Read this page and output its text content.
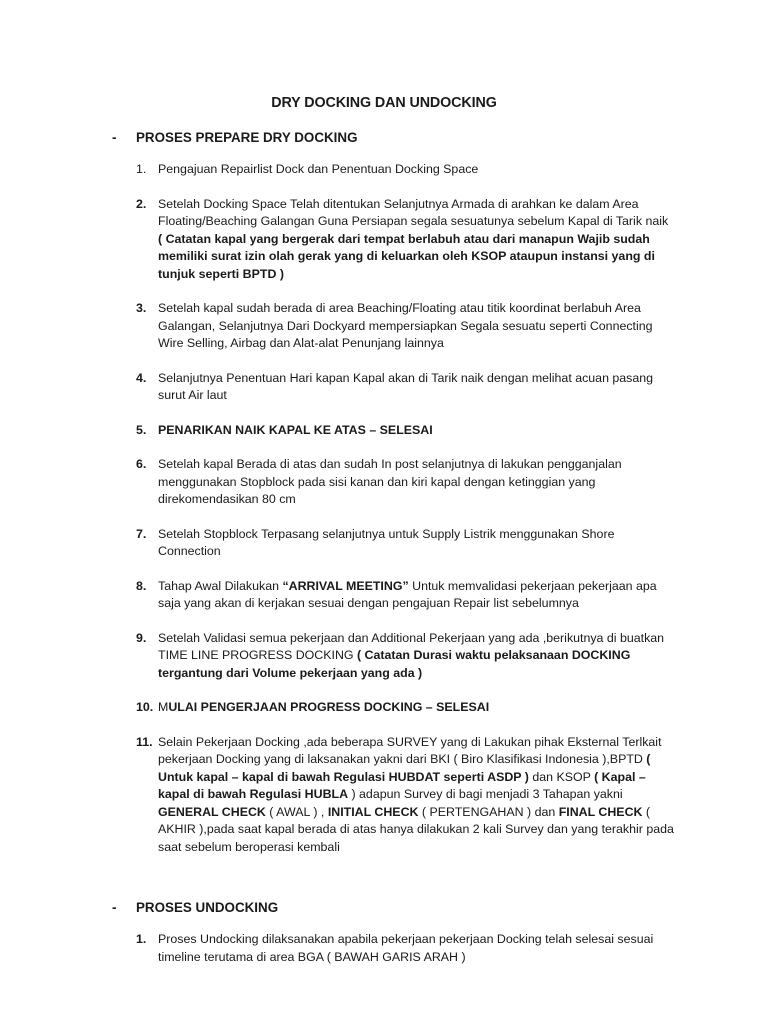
DRY DOCKING DAN UNDOCKING
- PROSES PREPARE DRY DOCKING
1. Pengajuan Repairlist Dock dan Penentuan Docking Space
2. Setelah Docking Space Telah ditentukan Selanjutnya Armada di arahkan ke dalam Area Floating/Beaching Galangan Guna Persiapan segala sesuatunya sebelum Kapal di Tarik naik ( Catatan kapal yang bergerak dari tempat berlabuh atau dari manapun Wajib sudah memiliki surat izin olah gerak yang di keluarkan oleh KSOP ataupun instansi yang di tunjuk seperti BPTD )
3. Setelah kapal sudah berada di area Beaching/Floating atau titik koordinat berlabuh Area Galangan, Selanjutnya Dari Dockyard mempersiapkan Segala sesuatu seperti Connecting Wire Selling, Airbag dan Alat-alat Penunjang lainnya
4. Selanjutnya Penentuan Hari kapan Kapal akan di Tarik naik dengan melihat acuan pasang surut Air laut
5. PENARIKAN NAIK KAPAL KE ATAS – SELESAI
6. Setelah kapal Berada di atas dan sudah In post selanjutnya di lakukan pengganjalan menggunakan Stopblock pada sisi kanan dan kiri kapal dengan ketinggian yang direkomendasikan 80 cm
7. Setelah Stopblock Terpasang selanjutnya untuk Supply Listrik menggunakan Shore Connection
8. Tahap Awal Dilakukan “ARRIVAL MEETING” Untuk memvalidasi pekerjaan pekerjaan apa saja yang akan di kerjakan sesuai dengan pengajuan Repair list sebelumnya
9. Setelah Validasi semua pekerjaan dan Additional Pekerjaan yang ada ,berikutnya di buatkan TIME LINE PROGRESS DOCKING ( Catatan Durasi waktu pelaksanaan DOCKING tergantung dari Volume pekerjaan yang ada )
10. MULAI PENGERJAAN PROGRESS DOCKING – SELESAI
11. Selain Pekerjaan Docking ,ada beberapa SURVEY yang di Lakukan pihak Eksternal Terlkait pekerjaan Docking yang di laksanakan yakni dari BKI ( Biro Klasifikasi Indonesia ),BPTD ( Untuk kapal – kapal di bawah Regulasi HUBDAT seperti ASDP ) dan KSOP ( Kapal –kapal di bawah Regulasi HUBLA ) adapun Survey di bagi menjadi 3 Tahapan yakni GENERAL CHECK ( AWAL ) , INITIAL CHECK ( PERTENGAHAN ) dan FINAL CHECK ( AKHIR ),pada saat kapal berada di atas hanya dilakukan 2 kali Survey dan yang terakhir pada saat sebelum beroperasi kembali
- PROSES UNDOCKING
1. Proses Undocking dilaksanakan apabila pekerjaan pekerjaan Docking telah selesai sesuai timeline terutama di area BGA ( BAWAH GARIS ARAH )
